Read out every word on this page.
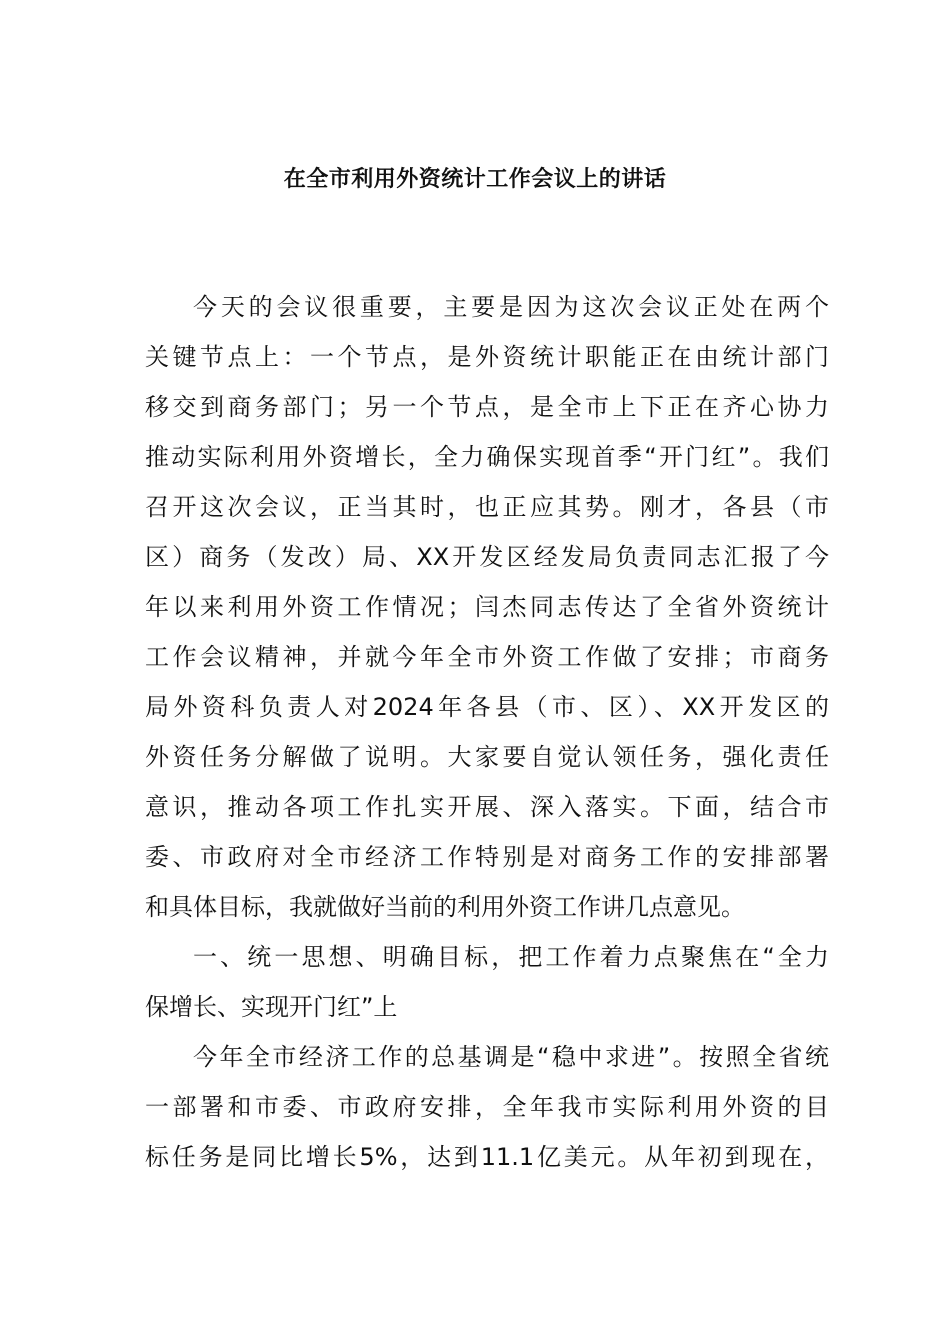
在全市利用外资统计工作会议上的讲话
今天的会议很重要，主要是因为这次会议正处在两个
关键节点上：一个节点，是外资统计职能正在由统计部门
移交到商务部门；另一个节点，是全市上下正在齐心协力
推动实际利用外资增长，全力确保实现首季“开门红”。我们
召开这次会议，正当其时，也正应其势。刚才，各县（市
区）商务（发改）局、XX开发区经发局负责同志汇报了今
年以来利用外资工作情况；闫杰同志传达了全省外资统计
工作会议精神，并就今年全市外资工作做了安排；市商务
局外资科负责人对2024年各县（市、区）、XX开发区的
外资任务分解做了说明。大家要自觉认领任务，强化责任
意识，推动各项工作扎实开展、深入落实。下面，结合市
委、市政府对全市经济工作特别是对商务工作的安排部署
和具体目标，我就做好当前的利用外资工作讲几点意见。
一、统一思想、明确目标，把工作着力点聚焦在“全力
保增长、实现开门红”上
今年全市经济工作的总基调是“稳中求进”。按照全省统
一部署和市委、市政府安排，全年我市实际利用外资的目
标任务是同比增长5%，达到11.1亿美元。从年初到现在，
